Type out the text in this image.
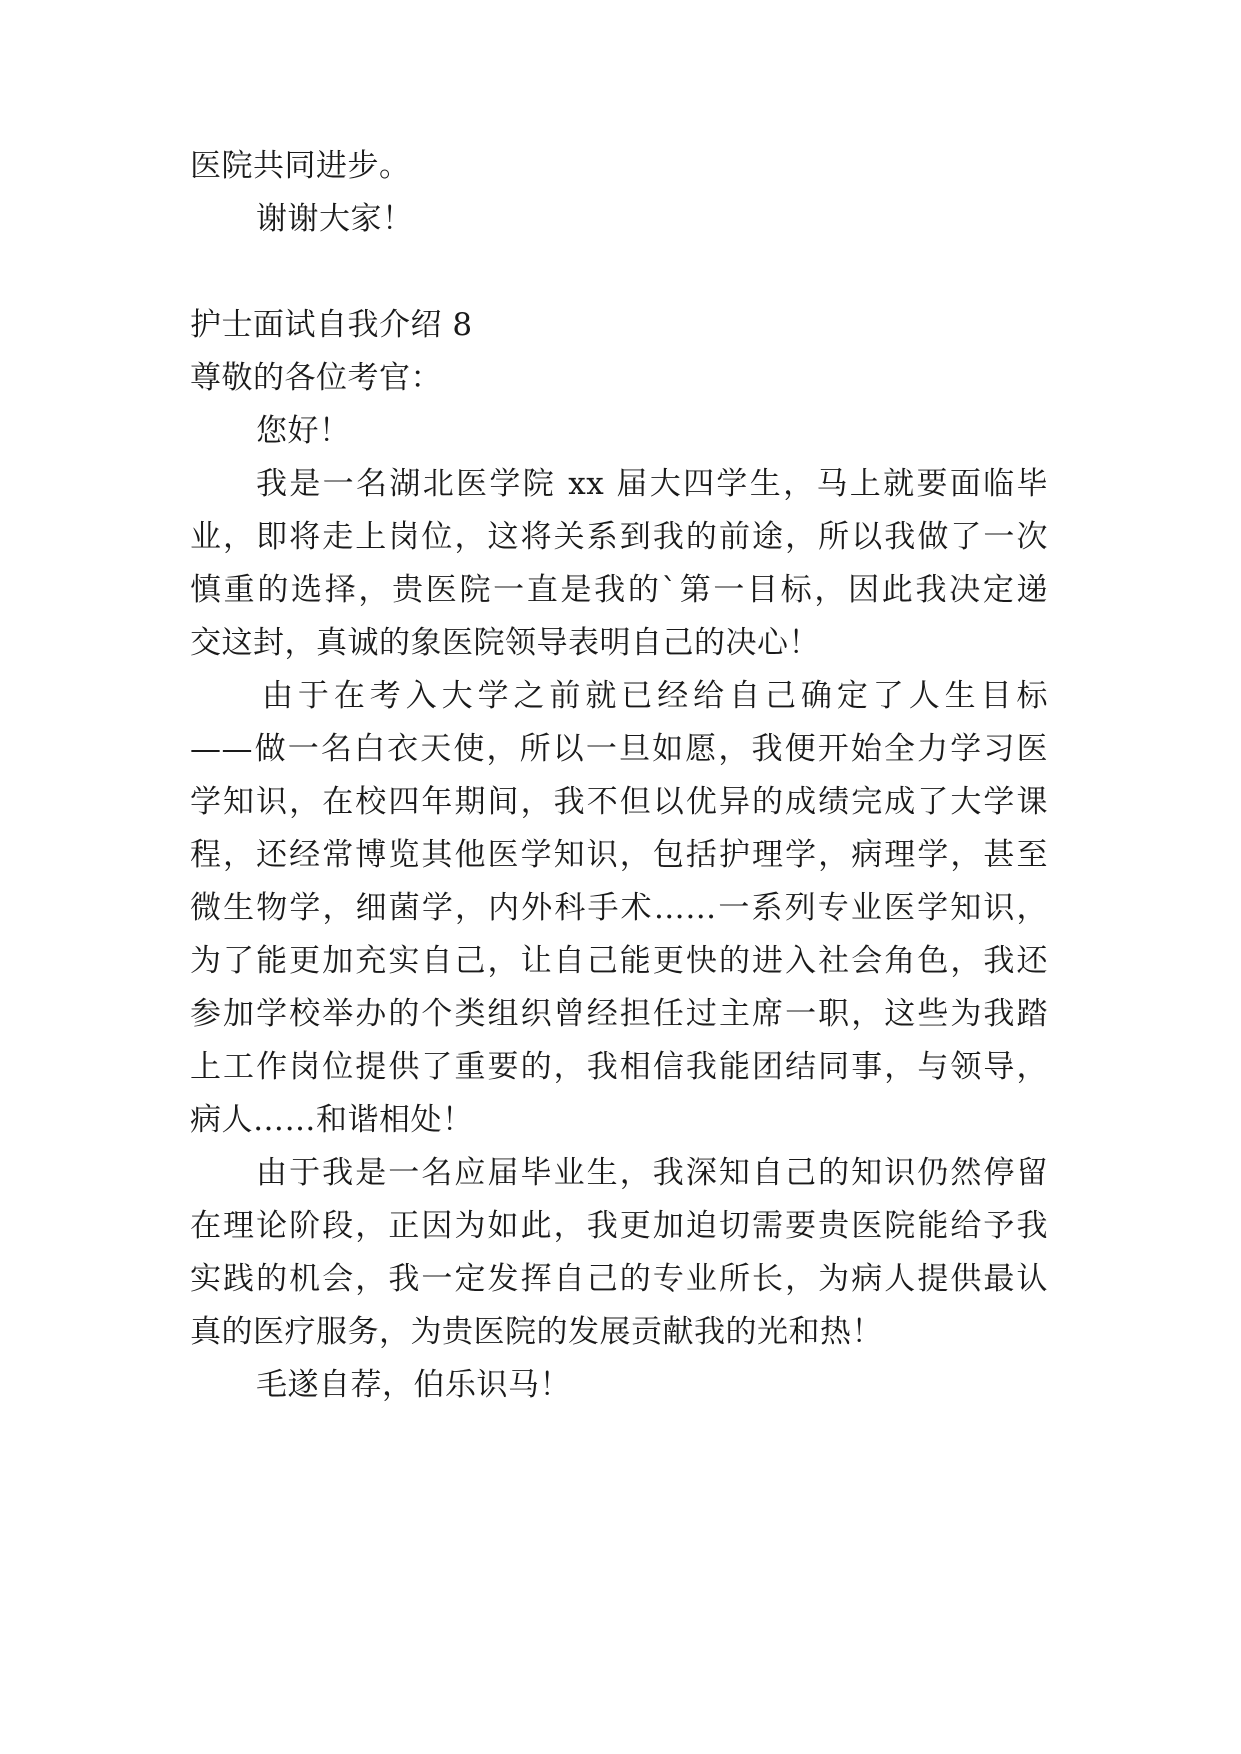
医院共同进步。
谢谢大家！
护士面试自我介绍 8
尊敬的各位考官：
您好！
我是一名湖北医学院 xx 届大四学生，马上就要面临毕
业，即将走上岗位，这将关系到我的前途，所以我做了一次
慎重的选择，贵医院一直是我的`第一目标，因此我决定递
交这封，真诚的象医院领导表明自己的决心！
由于在考入大学之前就已经给自己确定了人生目标
——做一名白衣天使，所以一旦如愿，我便开始全力学习医
学知识，在校四年期间，我不但以优异的成绩完成了大学课
程，还经常博览其他医学知识，包括护理学，病理学，甚至
微生物学，细菌学，内外科手术……一系列专业医学知识，
为了能更加充实自己，让自己能更快的进入社会角色，我还
参加学校举办的个类组织曾经担任过主席一职，这些为我踏
上工作岗位提供了重要的，我相信我能团结同事，与领导，
病人……和谐相处！
由于我是一名应届毕业生，我深知自己的知识仍然停留
在理论阶段，正因为如此，我更加迫切需要贵医院能给予我
实践的机会，我一定发挥自己的专业所长，为病人提供最认
真的医疗服务，为贵医院的发展贡献我的光和热！
毛遂自荐，伯乐识马！
